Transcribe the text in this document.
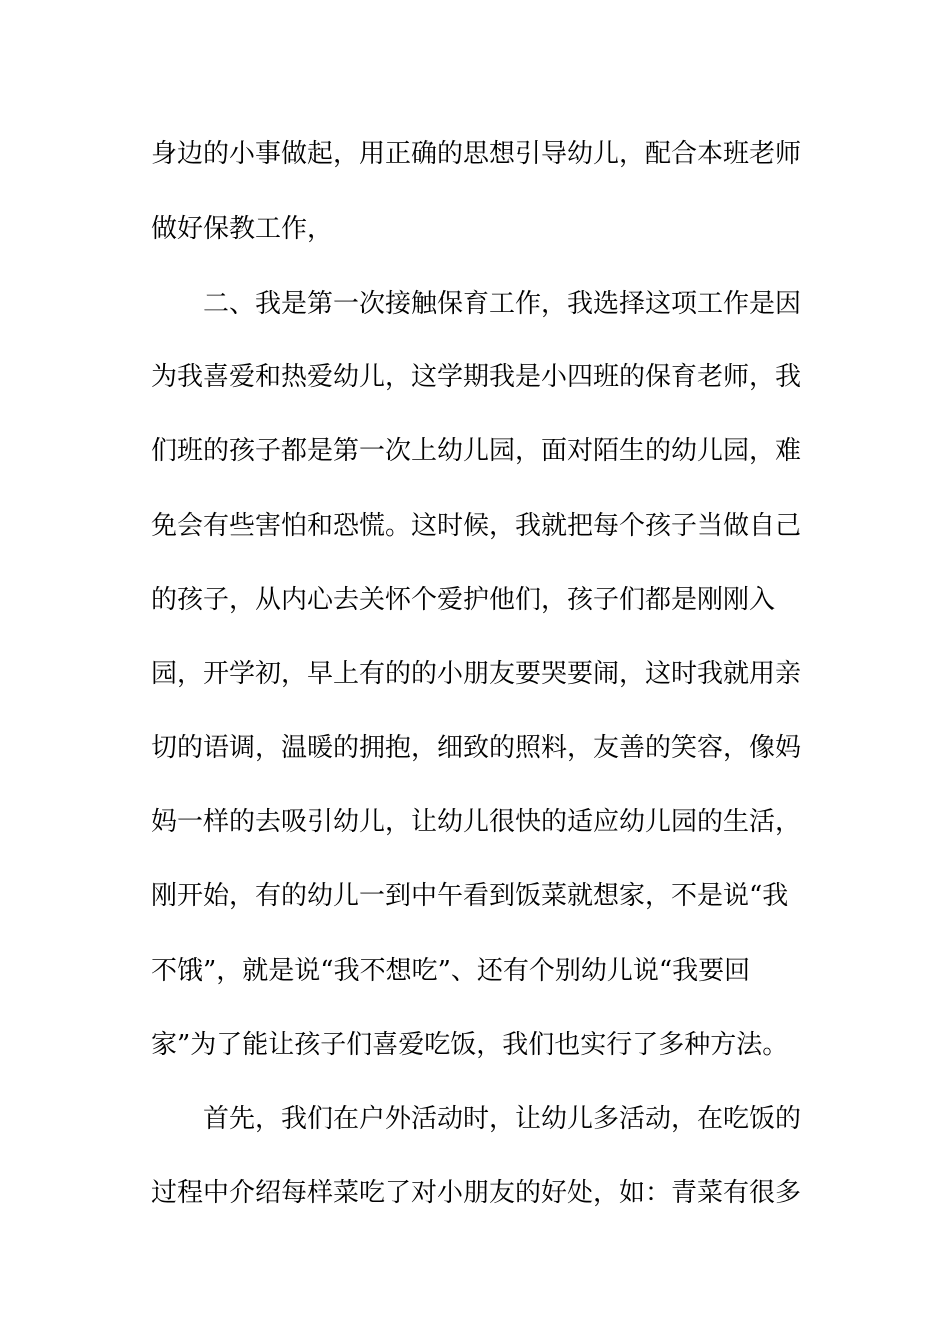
身边的小事做起，用正确的思想引导幼儿，配合本班老师
做好保教工作，
二、我是第一次接触保育工作，我选择这项工作是因
为我喜爱和热爱幼儿，这学期我是小四班的保育老师，我
们班的孩子都是第一次上幼儿园，面对陌生的幼儿园，难
免会有些害怕和恐慌。这时候，我就把每个孩子当做自己
的孩子，从内心去关怀个爱护他们，孩子们都是刚刚入
园，开学初，早上有的的小朋友要哭要闹，这时我就用亲
切的语调，温暖的拥抱，细致的照料，友善的笑容，像妈
妈一样的去吸引幼儿，让幼儿很快的适应幼儿园的生活，
刚开始，有的幼儿一到中午看到饭菜就想家，不是说“我
不饿”，就是说“我不想吃”、还有个别幼儿说“我要回
家”为了能让孩子们喜爱吃饭，我们也实行了多种方法。
首先，我们在户外活动时，让幼儿多活动，在吃饭的
过程中介绍每样菜吃了对小朋友的好处，如：青菜有很多
